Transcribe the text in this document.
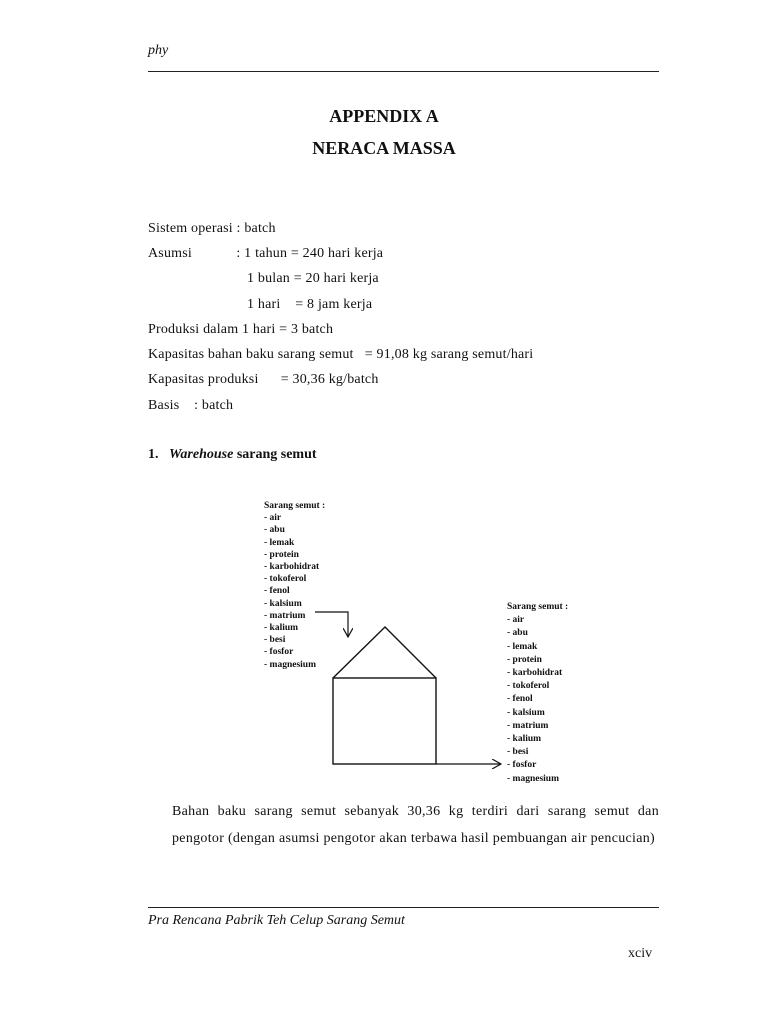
phy
APPENDIX A
NERACA MASSA
Sistem operasi : batch
Asumsi            : 1 tahun = 240 hari kerja
1 bulan = 20 hari kerja
1 hari    = 8 jam kerja
Produksi dalam 1 hari = 3 batch
Kapasitas bahan baku sarang semut   = 91,08 kg sarang semut/hari
Kapasitas produksi      = 30,36 kg/batch
Basis    : batch
1. Warehouse sarang semut
Sarang semut :
- air
- abu
- lemak
- protein
- karbohidrat
- tokoferol
- fenol
- kalsium
- matrium
- kalium
- besi
- fosfor
- magnesium
Sarang semut :
- air
- abu
- lemak
- protein
- karbohidrat
- tokoferol
- fenol
- kalsium
- matrium
- kalium
- besi
- fosfor
- magnesium
Bahan baku sarang semut sebanyak 30,36 kg terdiri dari sarang semut dan pengotor (dengan asumsi pengotor akan terbawa hasil pembuangan air pencucian)
Pra Rencana Pabrik Teh Celup Sarang Semut
xciv
